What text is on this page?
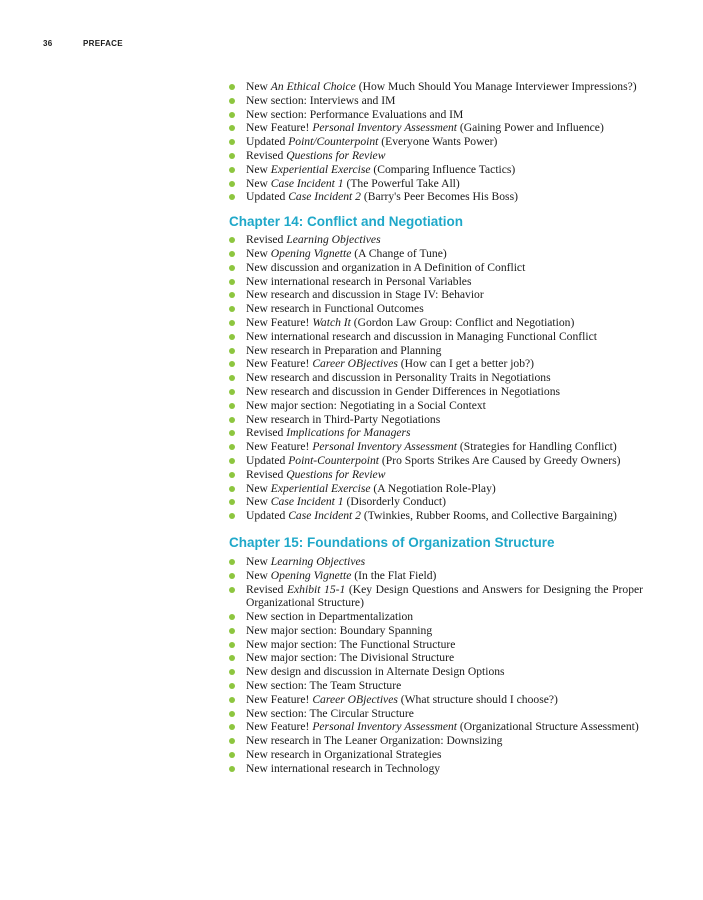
36	PREFACE
New An Ethical Choice (How Much Should You Manage Interviewer Impressions?)
New section: Interviews and IM
New section: Performance Evaluations and IM
New Feature! Personal Inventory Assessment (Gaining Power and Influence)
Updated Point/Counterpoint (Everyone Wants Power)
Revised Questions for Review
New Experiential Exercise (Comparing Influence Tactics)
New Case Incident 1 (The Powerful Take All)
Updated Case Incident 2 (Barry's Peer Becomes His Boss)
Chapter 14: Conflict and Negotiation
Revised Learning Objectives
New Opening Vignette (A Change of Tune)
New discussion and organization in A Definition of Conflict
New international research in Personal Variables
New research and discussion in Stage IV: Behavior
New research in Functional Outcomes
New Feature! Watch It (Gordon Law Group: Conflict and Negotiation)
New international research and discussion in Managing Functional Conflict
New research in Preparation and Planning
New Feature! Career OBjectives (How can I get a better job?)
New research and discussion in Personality Traits in Negotiations
New research and discussion in Gender Differences in Negotiations
New major section: Negotiating in a Social Context
New research in Third-Party Negotiations
Revised Implications for Managers
New Feature! Personal Inventory Assessment (Strategies for Handling Conflict)
Updated Point-Counterpoint (Pro Sports Strikes Are Caused by Greedy Owners)
Revised Questions for Review
New Experiential Exercise (A Negotiation Role-Play)
New Case Incident 1 (Disorderly Conduct)
Updated Case Incident 2 (Twinkies, Rubber Rooms, and Collective Bargaining)
Chapter 15: Foundations of Organization Structure
New Learning Objectives
New Opening Vignette (In the Flat Field)
Revised Exhibit 15-1 (Key Design Questions and Answers for Designing the Proper Organizational Structure)
New section in Departmentalization
New major section: Boundary Spanning
New major section: The Functional Structure
New major section: The Divisional Structure
New design and discussion in Alternate Design Options
New section: The Team Structure
New Feature! Career OBjectives (What structure should I choose?)
New section: The Circular Structure
New Feature! Personal Inventory Assessment (Organizational Structure Assessment)
New research in The Leaner Organization: Downsizing
New research in Organizational Strategies
New international research in Technology
